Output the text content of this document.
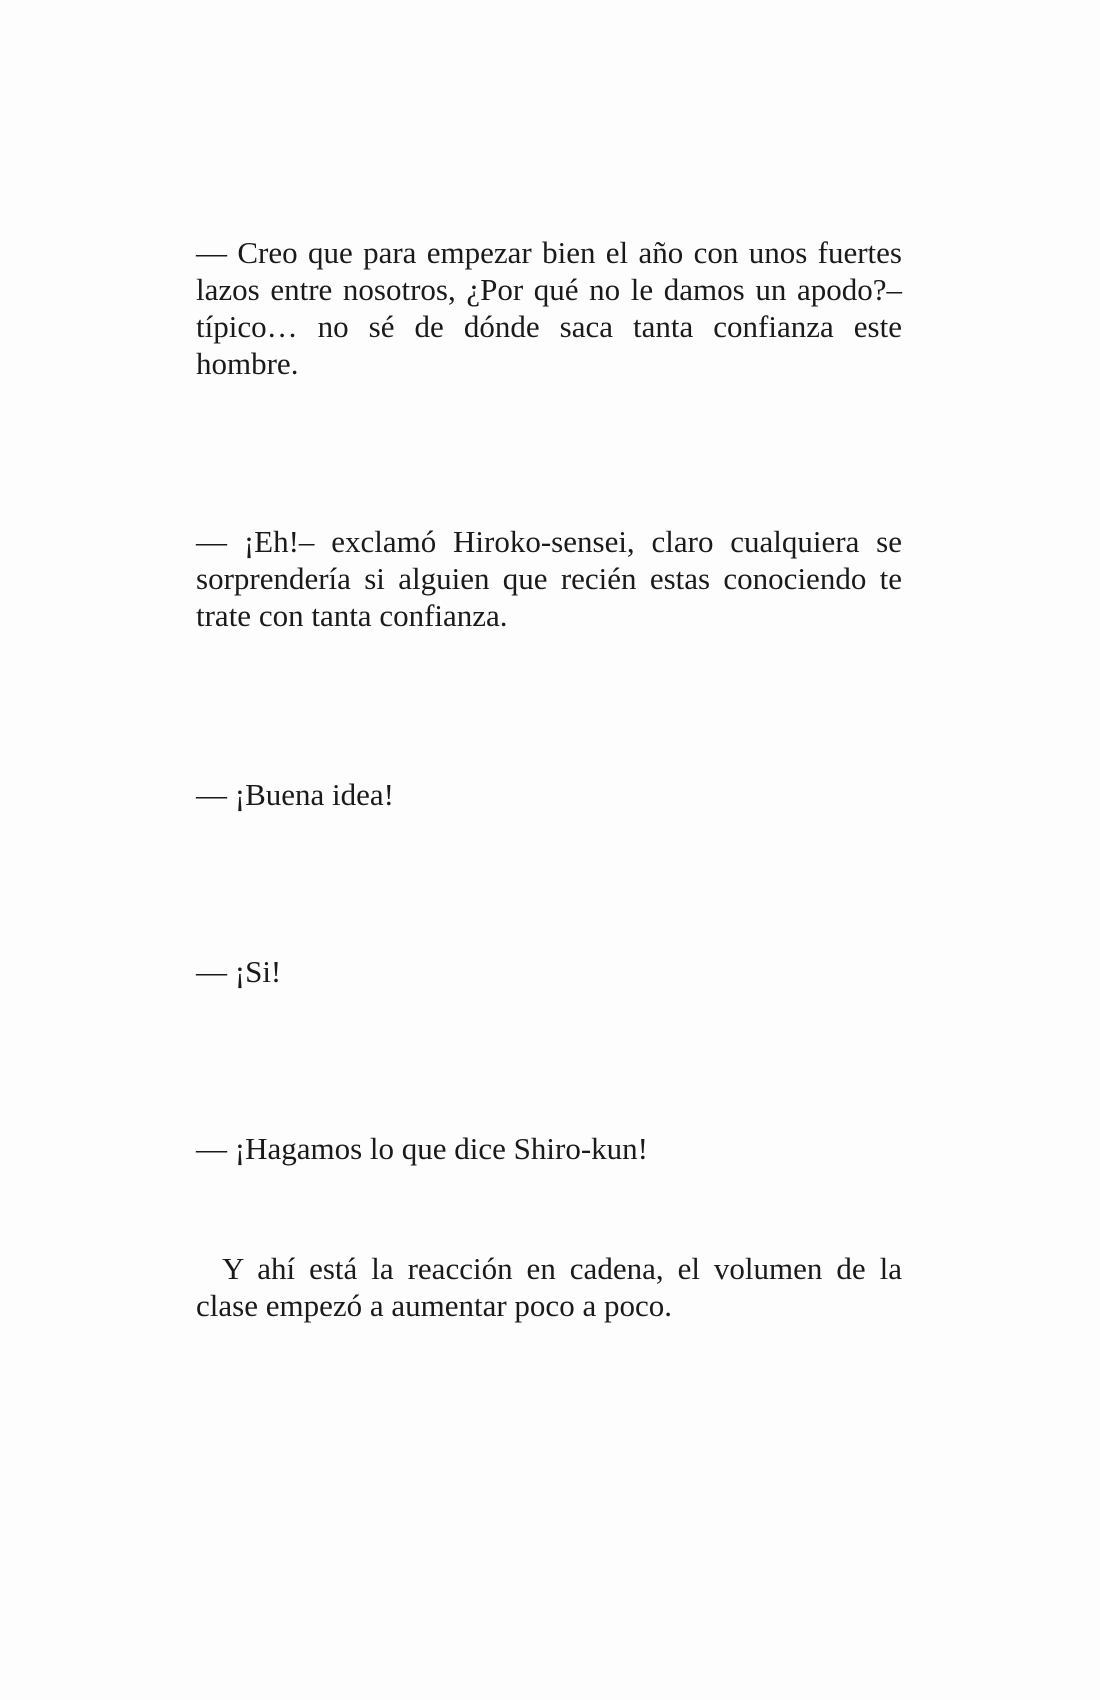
— Creo que para empezar bien el año con unos fuertes lazos entre nosotros, ¿Por qué no le damos un apodo?– típico… no sé de dónde saca tanta confianza este hombre.

— ¡Eh!– exclamó Hiroko-sensei, claro cualquiera se sorprendería si alguien que recién estas conociendo te trate con tanta confianza.

— ¡Buena idea!

— ¡Si!

— ¡Hagamos lo que dice Shiro-kun!

Y ahí está la reacción en cadena, el volumen de la clase empezó a aumentar poco a poco.
